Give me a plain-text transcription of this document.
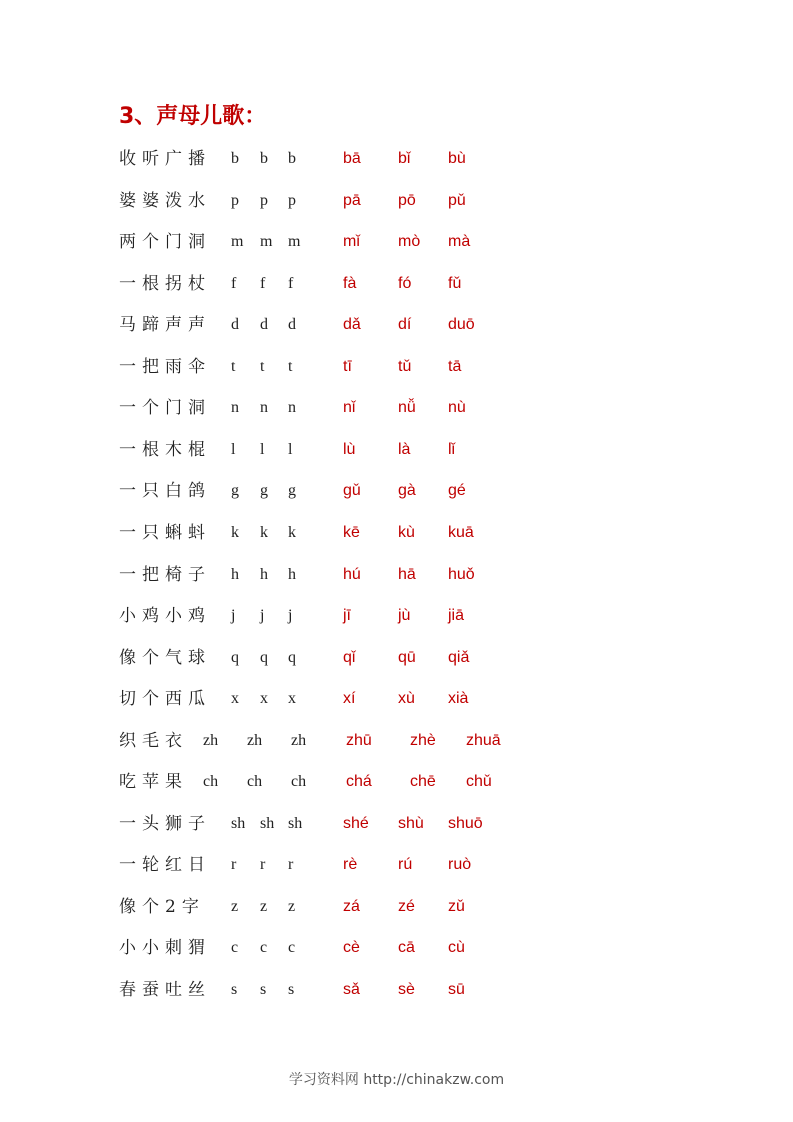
3、声母儿歌：
收听广播 b b b	bā bǐ bù
婆婆泼水 p p p	pā pō pǔ
两个门洞 m m m	mǐ mò mà
一根拐杖 f f f	fà	fó fǔ
马蹄声声 d d d	dǎ dí duō
一把雨伞 t t t	tī	tǔ tā
一个门洞 n n n	nǐ	nǚ nù
一根木棍 l l l	lù	là lǐ
一只白鸽 g g g	gǔ gà gé
一只蝌蚪 k k k	kē kù kuā
一把椅子 h h h	hú hā huǒ
小鸡小鸡 j j j	jī	jù jiā
像个气球 q q q	qǐ	qū qiǎ
切个西瓜 x x x	xí	xù xià
织毛衣 zh zh zh zhū zhè zhuā
吃苹果 ch ch ch chá chē chǔ
一头狮子 sh sh sh	shé shù shuō
一轮红日 r r r	rè	rú ruò
像个2字 z z z	zá zé zǔ
小小刺猬 c c c	cè cā cù
春蚕吐丝 s s s	sǎ sè sū
学习资料网 http://chinakzw.com
